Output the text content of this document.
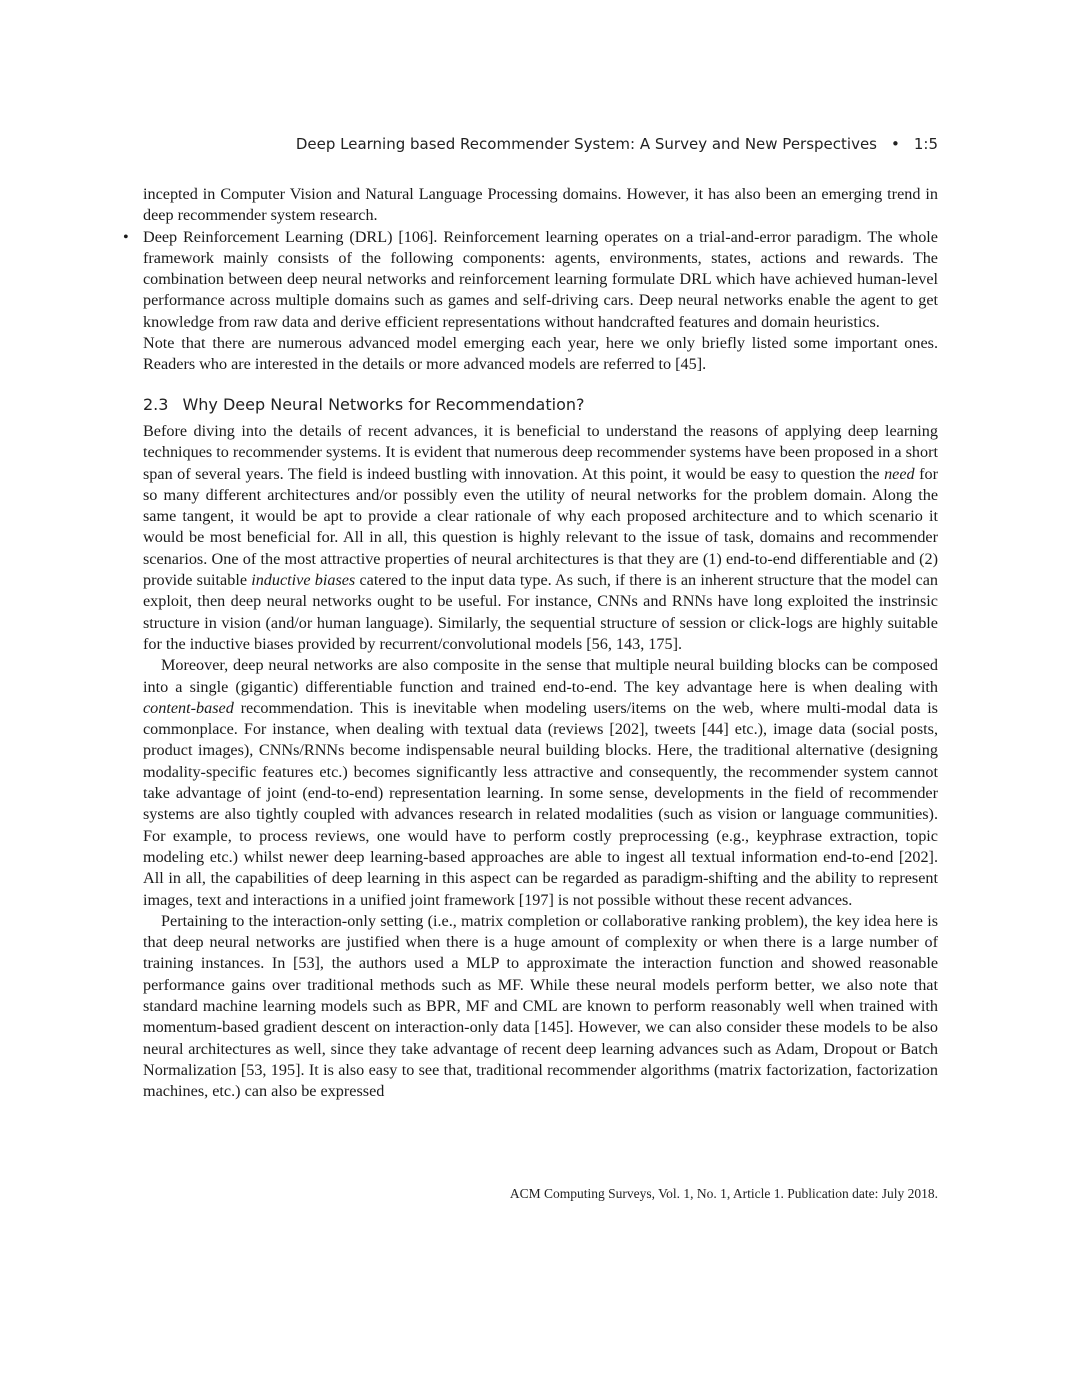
Deep Learning based Recommender System: A Survey and New Perspectives • 1:5

incepted in Computer Vision and Natural Language Processing domains. However, it has also been an emerging trend in deep recommender system research.

• Deep Reinforcement Learning (DRL) [106]. Reinforcement learning operates on a trial-and-error paradigm. The whole framework mainly consists of the following components: agents, environments, states, actions and rewards. The combination between deep neural networks and reinforcement learning formulate DRL which have achieved human-level performance across multiple domains such as games and self-driving cars. Deep neural networks enable the agent to get knowledge from raw data and derive efficient representations without handcrafted features and domain heuristics.

Note that there are numerous advanced model emerging each year, here we only briefly listed some important ones. Readers who are interested in the details or more advanced models are referred to [45].

2.3 Why Deep Neural Networks for Recommendation?

Before diving into the details of recent advances, it is beneficial to understand the reasons of applying deep learning techniques to recommender systems. It is evident that numerous deep recommender systems have been proposed in a short span of several years. The field is indeed bustling with innovation. At this point, it would be easy to question the need for so many different architectures and/or possibly even the utility of neural networks for the problem domain. Along the same tangent, it would be apt to provide a clear rationale of why each proposed architecture and to which scenario it would be most beneficial for. All in all, this question is highly relevant to the issue of task, domains and recommender scenarios. One of the most attractive properties of neural architectures is that they are (1) end-to-end differentiable and (2) provide suitable inductive biases catered to the input data type. As such, if there is an inherent structure that the model can exploit, then deep neural networks ought to be useful. For instance, CNNs and RNNs have long exploited the instrinsic structure in vision (and/or human language). Similarly, the sequential structure of session or click-logs are highly suitable for the inductive biases provided by recurrent/convolutional models [56, 143, 175].

Moreover, deep neural networks are also composite in the sense that multiple neural building blocks can be composed into a single (gigantic) differentiable function and trained end-to-end. The key advantage here is when dealing with content-based recommendation. This is inevitable when modeling users/items on the web, where multi-modal data is commonplace. For instance, when dealing with textual data (reviews [202], tweets [44] etc.), image data (social posts, product images), CNNs/RNNs become indispensable neural building blocks. Here, the traditional alternative (designing modality-specific features etc.) becomes significantly less attractive and consequently, the recommender system cannot take advantage of joint (end-to-end) representation learning. In some sense, developments in the field of recommender systems are also tightly coupled with advances research in related modalities (such as vision or language communities). For example, to process reviews, one would have to perform costly preprocessing (e.g., keyphrase extraction, topic modeling etc.) whilst newer deep learning-based approaches are able to ingest all textual information end-to-end [202]. All in all, the capabilities of deep learning in this aspect can be regarded as paradigm-shifting and the ability to represent images, text and interactions in a unified joint framework [197] is not possible without these recent advances.

Pertaining to the interaction-only setting (i.e., matrix completion or collaborative ranking problem), the key idea here is that deep neural networks are justified when there is a huge amount of complexity or when there is a large number of training instances. In [53], the authors used a MLP to approximate the interaction function and showed reasonable performance gains over traditional methods such as MF. While these neural models perform better, we also note that standard machine learning models such as BPR, MF and CML are known to perform reasonably well when trained with momentum-based gradient descent on interaction-only data [145]. However, we can also consider these models to be also neural architectures as well, since they take advantage of recent deep learning advances such as Adam, Dropout or Batch Normalization [53, 195]. It is also easy to see that, traditional recommender algorithms (matrix factorization, factorization machines, etc.) can also be expressed

ACM Computing Surveys, Vol. 1, No. 1, Article 1. Publication date: July 2018.
